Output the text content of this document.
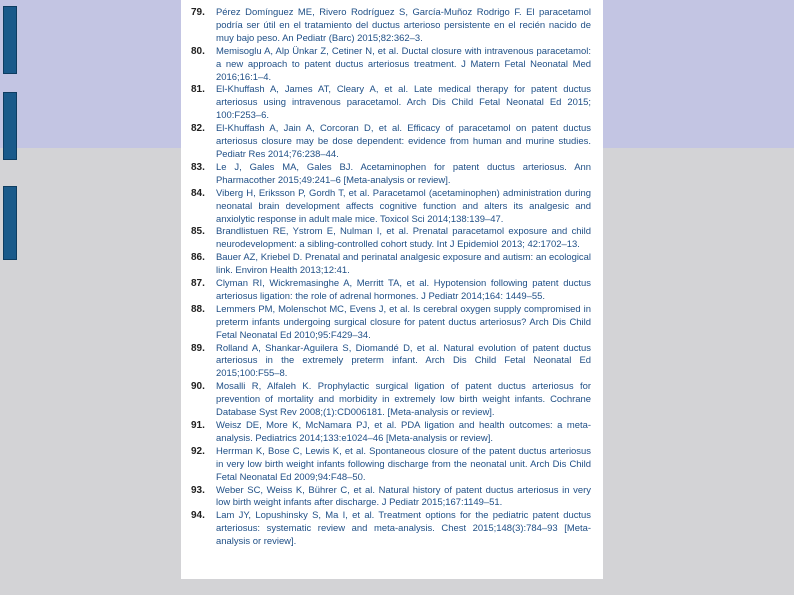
79.	Pérez Domínguez ME, Rivero Rodríguez S, García-Muñoz Rodrigo F. El paracetamol podría ser útil en el tratamiento del ductus arterioso persistente en el recién nacido de muy bajo peso. An Pediatr (Barc) 2015;82:362–3.
80.	Memisoglu A, Alp Ünkar Z, Cetiner N, et al. Ductal closure with intravenous paracetamol: a new approach to patent ductus arteriosus treatment. J Matern Fetal Neonatal Med 2016;16:1–4.
81.	El-Khuffash A, James AT, Cleary A, et al. Late medical therapy for patent ductus arteriosus using intravenous paracetamol. Arch Dis Child Fetal Neonatal Ed 2015; 100:F253–6.
82.	El-Khuffash A, Jain A, Corcoran D, et al. Efficacy of paracetamol on patent ductus arteriosus closure may be dose dependent: evidence from human and murine studies. Pediatr Res 2014;76:238–44.
83.	Le J, Gales MA, Gales BJ. Acetaminophen for patent ductus arteriosus. Ann Pharmacother 2015;49:241–6 [Meta-analysis or review].
84.	Viberg H, Eriksson P, Gordh T, et al. Paracetamol (acetaminophen) administration during neonatal brain development affects cognitive function and alters its analgesic and anxiolytic response in adult male mice. Toxicol Sci 2014;138:139–47.
85.	Brandlistuen RE, Ystrom E, Nulman I, et al. Prenatal paracetamol exposure and child neurodevelopment: a sibling-controlled cohort study. Int J Epidemiol 2013; 42:1702–13.
86.	Bauer AZ, Kriebel D. Prenatal and perinatal analgesic exposure and autism: an ecological link. Environ Health 2013;12:41.
87.	Clyman RI, Wickremasinghe A, Merritt TA, et al. Hypotension following patent ductus arteriosus ligation: the role of adrenal hormones. J Pediatr 2014;164: 1449–55.
88.	Lemmers PM, Molenschot MC, Evens J, et al. Is cerebral oxygen supply compromised in preterm infants undergoing surgical closure for patent ductus arteriosus? Arch Dis Child Fetal Neonatal Ed 2010;95:F429–34.
89.	Rolland A, Shankar-Aguilera S, Diomandé D, et al. Natural evolution of patent ductus arteriosus in the extremely preterm infant. Arch Dis Child Fetal Neonatal Ed 2015;100:F55–8.
90.	Mosalli R, Alfaleh K. Prophylactic surgical ligation of patent ductus arteriosus for prevention of mortality and morbidity in extremely low birth weight infants. Cochrane Database Syst Rev 2008;(1):CD006181. [Meta-analysis or review].
91.	Weisz DE, More K, McNamara PJ, et al. PDA ligation and health outcomes: a meta-analysis. Pediatrics 2014;133:e1024–46 [Meta-analysis or review].
92.	Herrman K, Bose C, Lewis K, et al. Spontaneous closure of the patent ductus arteriosus in very low birth weight infants following discharge from the neonatal unit. Arch Dis Child Fetal Neonatal Ed 2009;94:F48–50.
93.	Weber SC, Weiss K, Bührer C, et al. Natural history of patent ductus arteriosus in very low birth weight infants after discharge. J Pediatr 2015;167:1149–51.
94.	Lam JY, Lopushinsky S, Ma I, et al. Treatment options for the pediatric patent ductus arteriosus: systematic review and meta-analysis. Chest 2015;148(3):784–93 [Meta-analysis or review].
